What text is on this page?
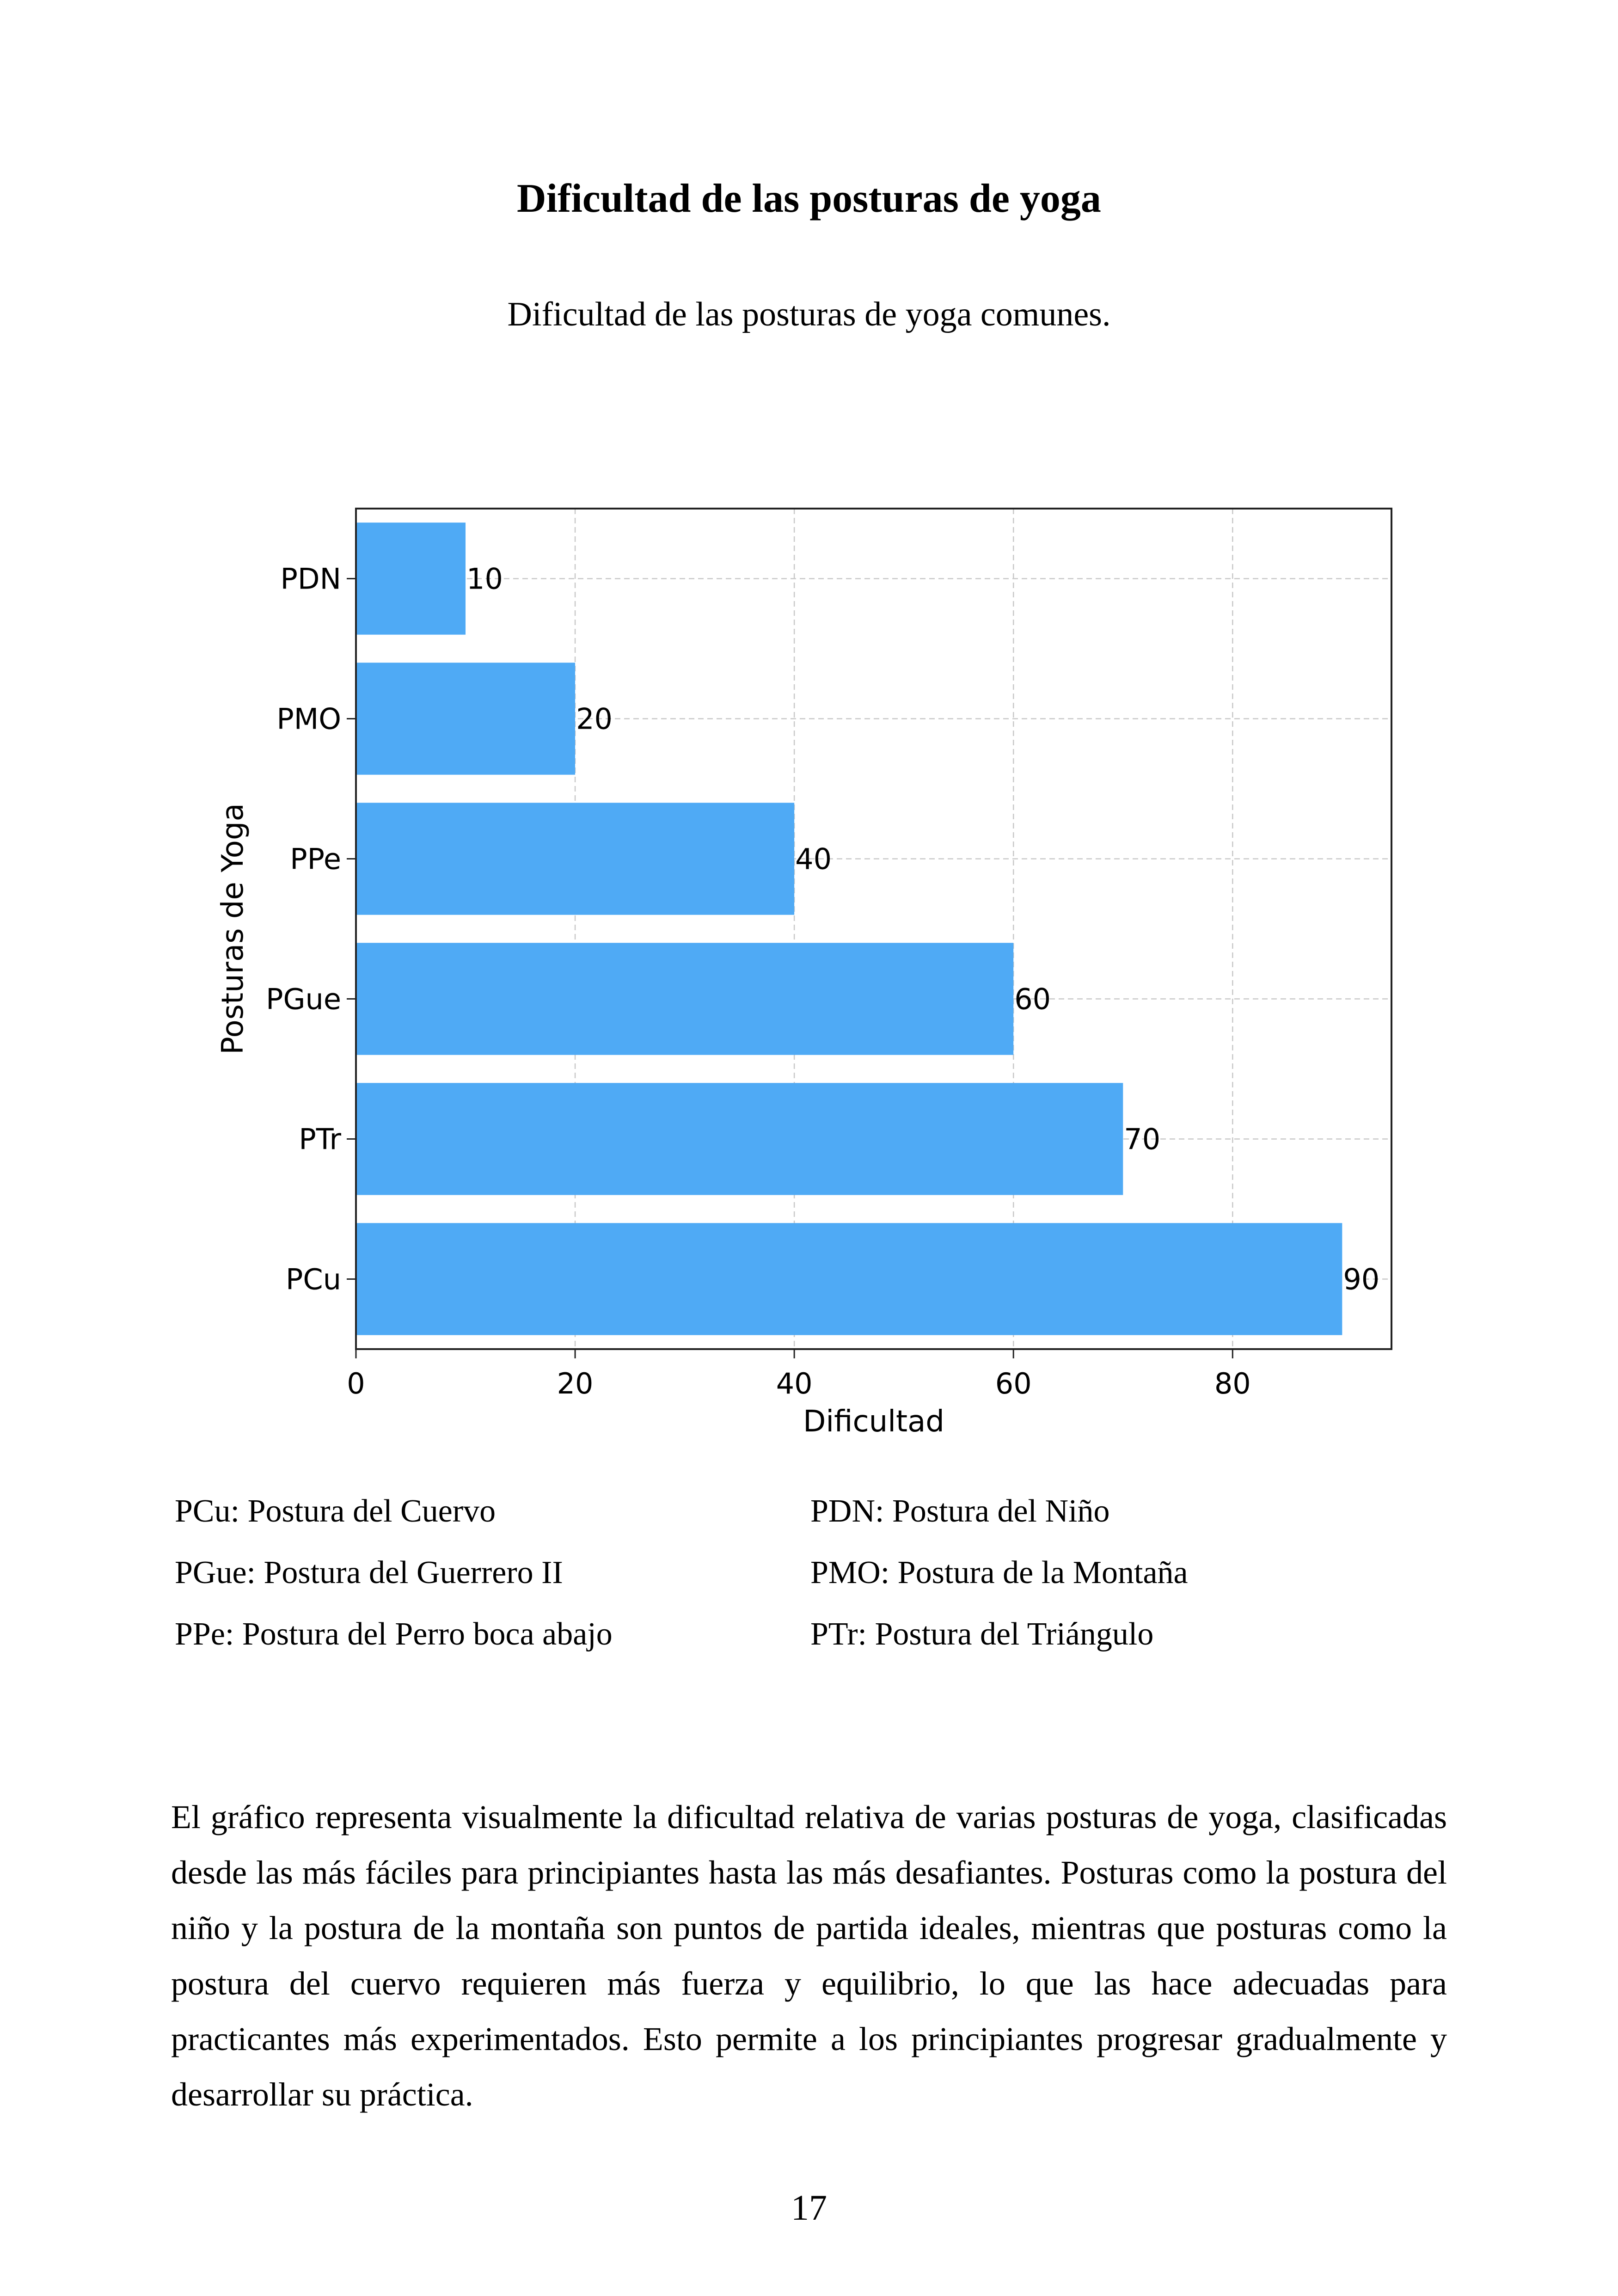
Dificultad de las posturas de yoga
Dificultad de las posturas de yoga comunes.
0	20	40	60	80
PDN	10
PMO	20
PPe	40
PGue	60
PTr	70
PCu	90
Dificultad
Posturas de Yoga
PCu: Postura del Cuervo	PDN: Postura del Niño
PGue: Postura del Guerrero II	PMO: Postura de la Montaña
PPe: Postura del Perro boca abajo	PTr: Postura del Triángulo
El gráfico representa visualmente la dificultad relativa de varias posturas de yoga, clasificadas desde las más fáciles para principiantes hasta las más desafiantes. Posturas como la postura del niño y la postura de la montaña son puntos de partida ideales, mientras que posturas como la postura del cuervo requieren más fuerza y equilibrio, lo que las hace adecuadas para practicantes más experimentados. Esto permite a los principiantes progresar gradualmente y desarrollar su práctica.
17
